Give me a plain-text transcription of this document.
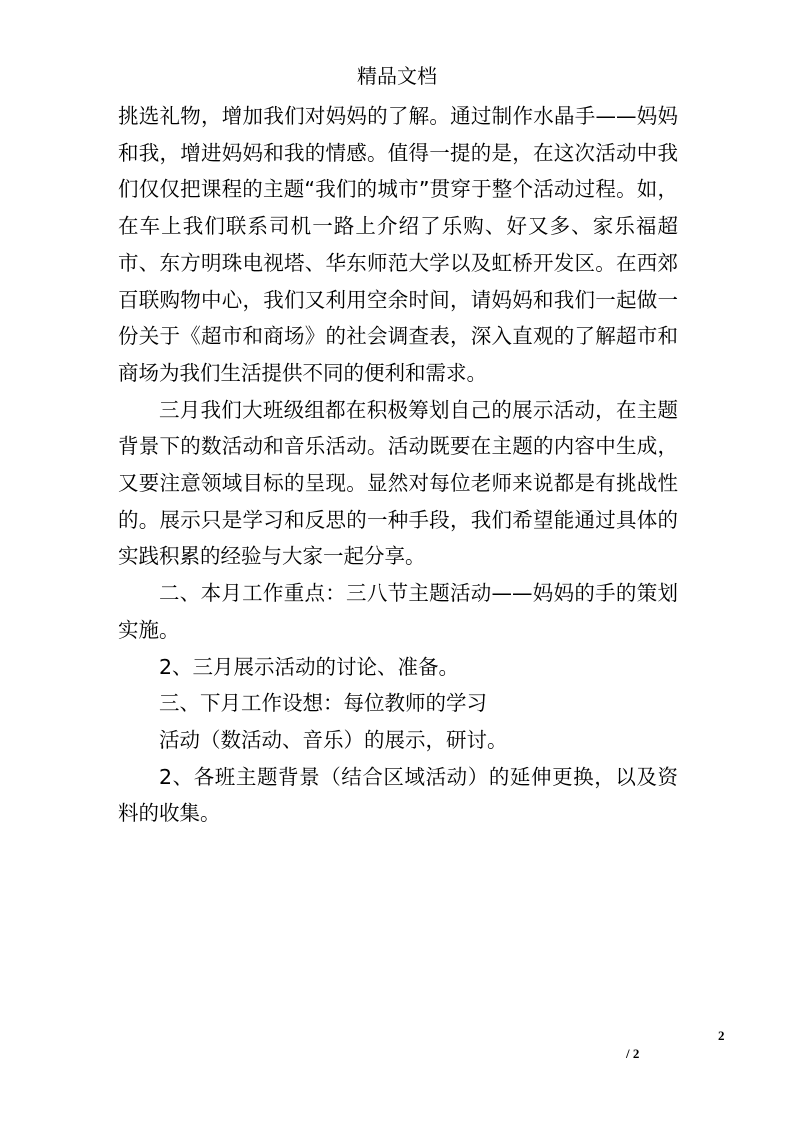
精品文档

挑选礼物，增加我们对妈妈的了解。通过制作水晶手——妈妈和我，增进妈妈和我的情感。值得一提的是，在这次活动中我们仅仅把课程的主题“我们的城市”贯穿于整个活动过程。如，在车上我们联系司机一路上介绍了乐购、好又多、家乐福超市、东方明珠电视塔、华东师范大学以及虹桥开发区。在西郊百联购物中心，我们又利用空余时间，请妈妈和我们一起做一份关于《超市和商场》的社会调查表，深入直观的了解超市和商场为我们生活提供不同的便利和需求。

三月我们大班级组都在积极筹划自己的展示活动，在主题背景下的数活动和音乐活动。活动既要在主题的内容中生成，又要注意领域目标的呈现。显然对每位老师来说都是有挑战性的。展示只是学习和反思的一种手段，我们希望能通过具体的实践积累的经验与大家一起分享。

二、本月工作重点：三八节主题活动——妈妈的手的策划实施。

2、三月展示活动的讨论、准备。

三、下月工作设想：每位教师的学习

活动（数活动、音乐）的展示，研讨。

2、各班主题背景（结合区域活动）的延伸更换，以及资料的收集。

2
/ 2
